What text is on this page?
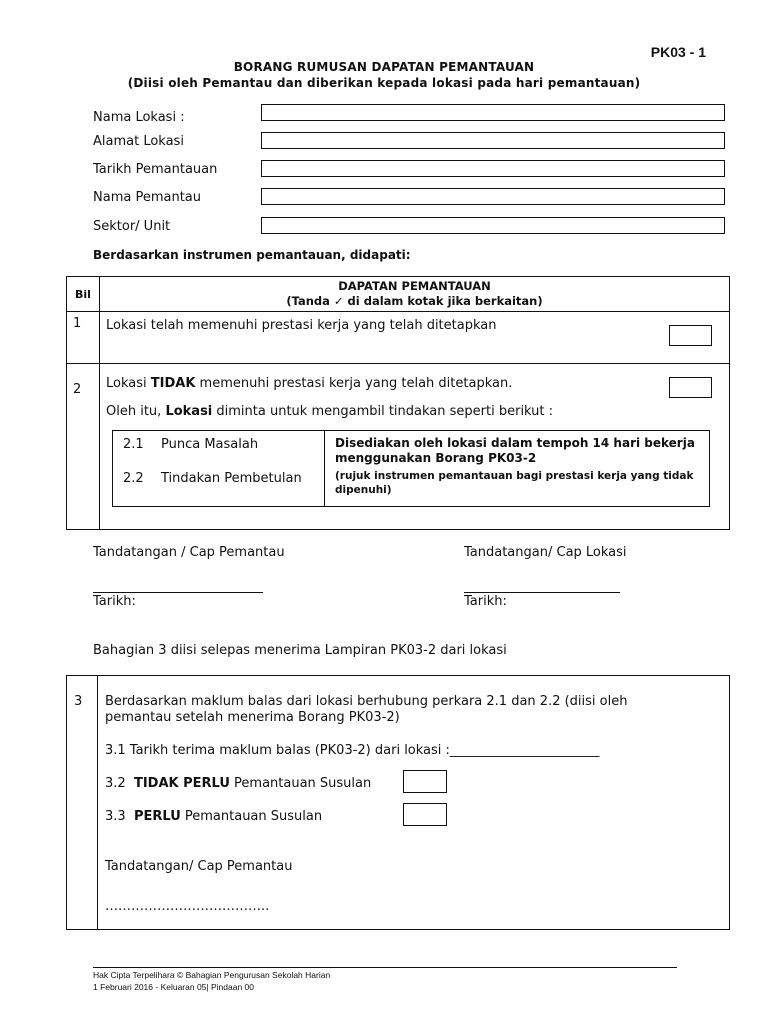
PK03 - 1
BORANG RUMUSAN DAPATAN PEMANTAUAN
(Diisi oleh Pemantau dan diberikan kepada lokasi pada hari pemantauan)
Nama Lokasi :
Alamat Lokasi
Tarikh Pemantauan
Nama Pemantau
Sektor/ Unit
Berdasarkan instrumen pemantauan, didapati:
Bil	DAPATAN PEMANTAUAN
(Tanda ✓ di dalam kotak jika berkaitan)

1	Lokasi telah memenuhi prestasi kerja yang telah ditetapkan
2	Lokasi TIDAK memenuhi prestasi kerja yang telah ditetapkan.
Oleh itu, Lokasi diminta untuk mengambil tindakan seperti berikut :
2.1 Punca Masalah
2.2 Tindakan Pembetulan
Disediakan oleh lokasi dalam tempoh 14 hari bekerja menggunakan Borang PK03-2
(rujuk instrumen pemantauan bagi prestasi kerja yang tidak dipenuhi)
Tandatangan / Cap Pemantau	Tandatangan/ Cap Lokasi
Tarikh:	Tarikh:
Bahagian 3 diisi selepas menerima Lampiran PK03-2 dari lokasi
3 Berdasarkan maklum balas dari lokasi berhubung perkara 2.1 dan 2.2 (diisi oleh
pemantau setelah menerima Borang PK03-2)
3.1 Tarikh terima maklum balas (PK03-2) dari lokasi :_______________________
3.2 TIDAK PERLU Pemantauan Susulan
3.3 PERLU Pemantauan Susulan
Tandatangan/ Cap Pemantau
………………………………..
Hak Cipta Terpelihara © Bahagian Pengurusan Sekolah Harian
1 Februari 2016 - Keluaran 05| Pindaan 00
